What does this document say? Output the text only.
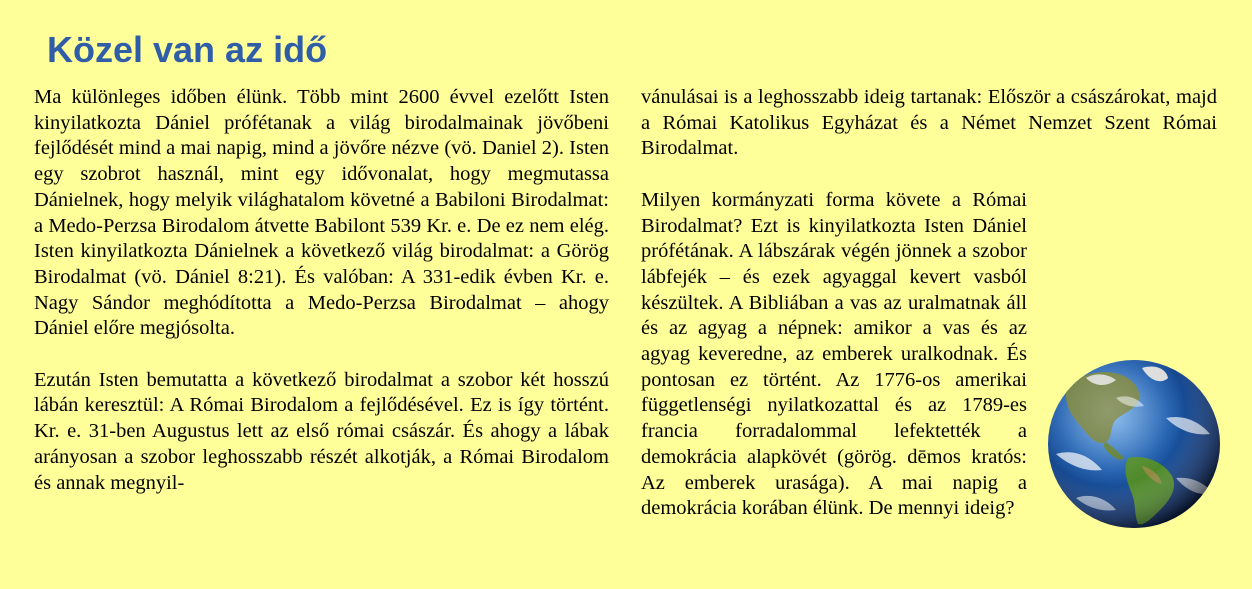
Közel van az idő

Ma különleges időben élünk. Több mint 2600 évvel ezelőtt Isten kinyilatkozta Dániel prófétanak a világ birodalmainak jövőbeni fejlődését mind a mai napig, mind a jövőre nézve (vö. Daniel 2). Isten egy szobrot használ, mint egy idővonalat, hogy megmutassa Dánielnek, hogy melyik világhatalom követné a Babiloni Birodalmat: a Medo-Perzsa Birodalom átvette Babilont 539 Kr. e. De ez nem elég. Isten kinyilatkozta Dánielnek a következő világ birodalmat: a Görög Birodalmat (vö. Dániel 8:21). És valóban: A 331-edik évben Kr. e. Nagy Sándor meghódította a Medo-Perzsa Birodalmat – ahogy Dániel előre megjósolta.

Ezután Isten bemutatta a következő birodalmat a szobor két hosszú lábán keresztül: A Római Birodalom a fejlődésével. Ez is így történt. Kr. e. 31-ben Augustus lett az első római császár. És ahogy a lábak arányosan a szobor leghosszabb részét alkotják, a Római Birodalom és annak megnyil-

vánulásai is a leghosszabb ideig tartanak: Először a császárokat, majd a Római Katolikus Egyházat és a Német Nemzet Szent Római Birodalmat.

Milyen kormányzati forma követe a Római Birodalmat? Ezt is kinyilatkozta Isten Dániel prófétának. A lábszárak végén jönnek a szobor lábfejék – és ezek agyaggal kevert vasból készültek. A Bibliában a vas az uralmatnak áll és az agyag a népnek: amikor a vas és az agyag keveredne, az emberek uralkodnak. És pontosan ez történt. Az 1776-os amerikai függetlenségi nyilatkozattal és az 1789-es francia forradalommal lefektették a demokrácia alapkövét (görög. dēmos kratós: Az emberek urasága). A mai napig a demokrácia korában élünk. De mennyi ideig?
